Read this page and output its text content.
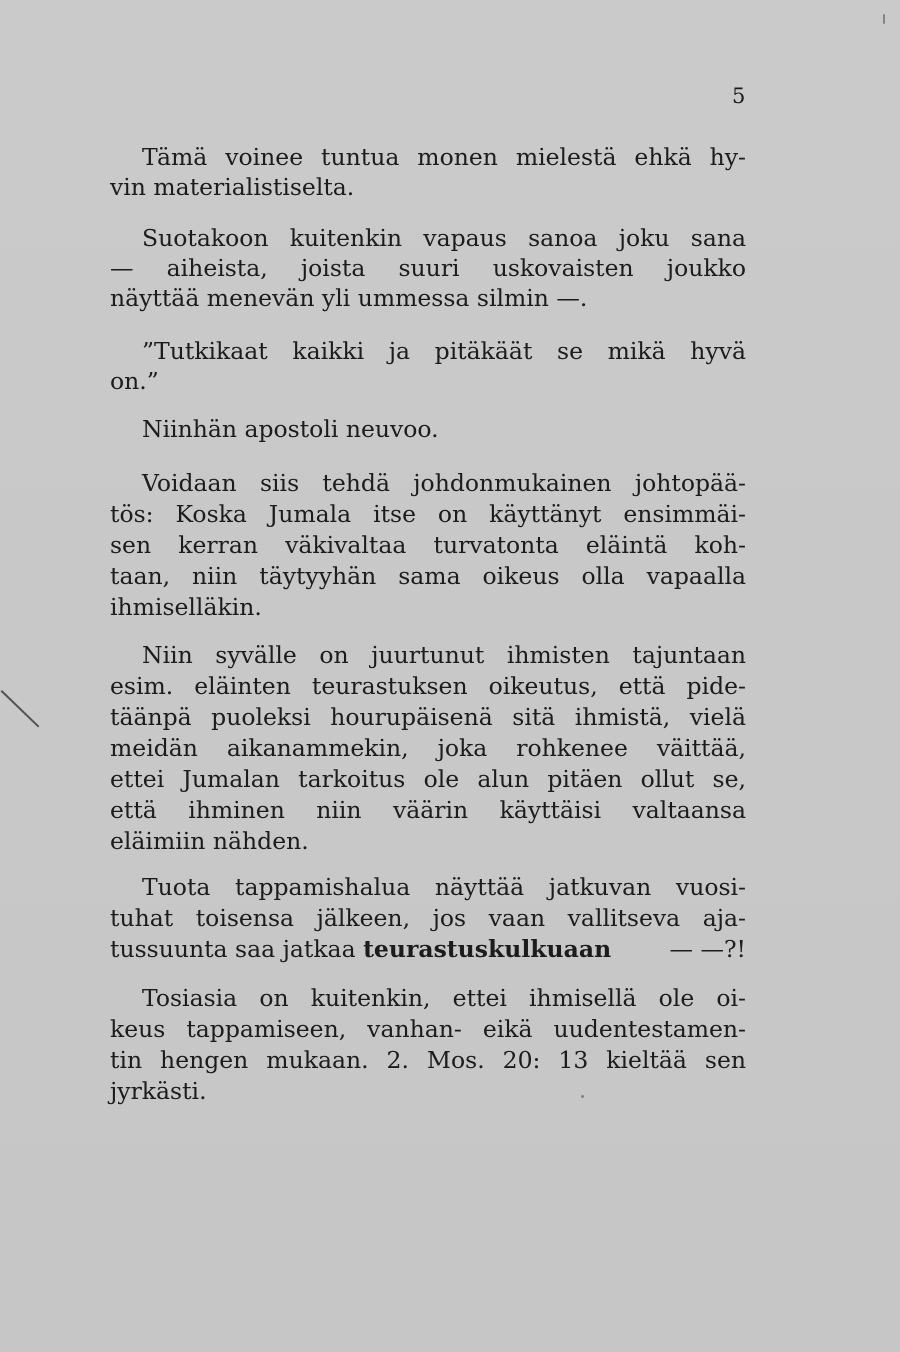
5
Tämä voinee tuntua monen mielestä ehkä hy-
vin materialistiselta.
Suotakoon kuitenkin vapaus sanoa joku sana
— aiheista, joista suuri uskovaisten joukko
näyttää menevän yli ummessa silmin —.
”Tutkikaat kaikki ja pitäkäät se mikä hyvä
on.”
Niinhän apostoli neuvoo.
Voidaan siis tehdä johdonmukainen johtopää-
tös: Koska Jumala itse on käyttänyt ensimmäi-
sen kerran väkivaltaa turvatonta eläintä koh-
taan, niin täytyyhän sama oikeus olla vapaalla
ihmiselläkin.
Niin syvälle on juurtunut ihmisten tajuntaan
esim. eläinten teurastuksen oikeutus, että pide-
täänpä puoleksi hourupäisenä sitä ihmistä, vielä
meidän aikanammekin, joka rohkenee väittää,
ettei Jumalan tarkoitus ole alun pitäen ollut se,
että ihminen niin väärin käyttäisi valtaansa
eläimiin nähden.
Tuota tappamishalua näyttää jatkuvan vuosi-
tuhat toisensa jälkeen, jos vaan vallitseva aja-
tussuunta saa jatkaa teurastuskulkuaan — —?!
Tosiasia on kuitenkin, ettei ihmisellä ole oi-
keus tappamiseen, vanhan- eikä uudentestamen-
tin hengen mukaan. 2. Mos. 20: 13 kieltää sen
jyrkästi.
